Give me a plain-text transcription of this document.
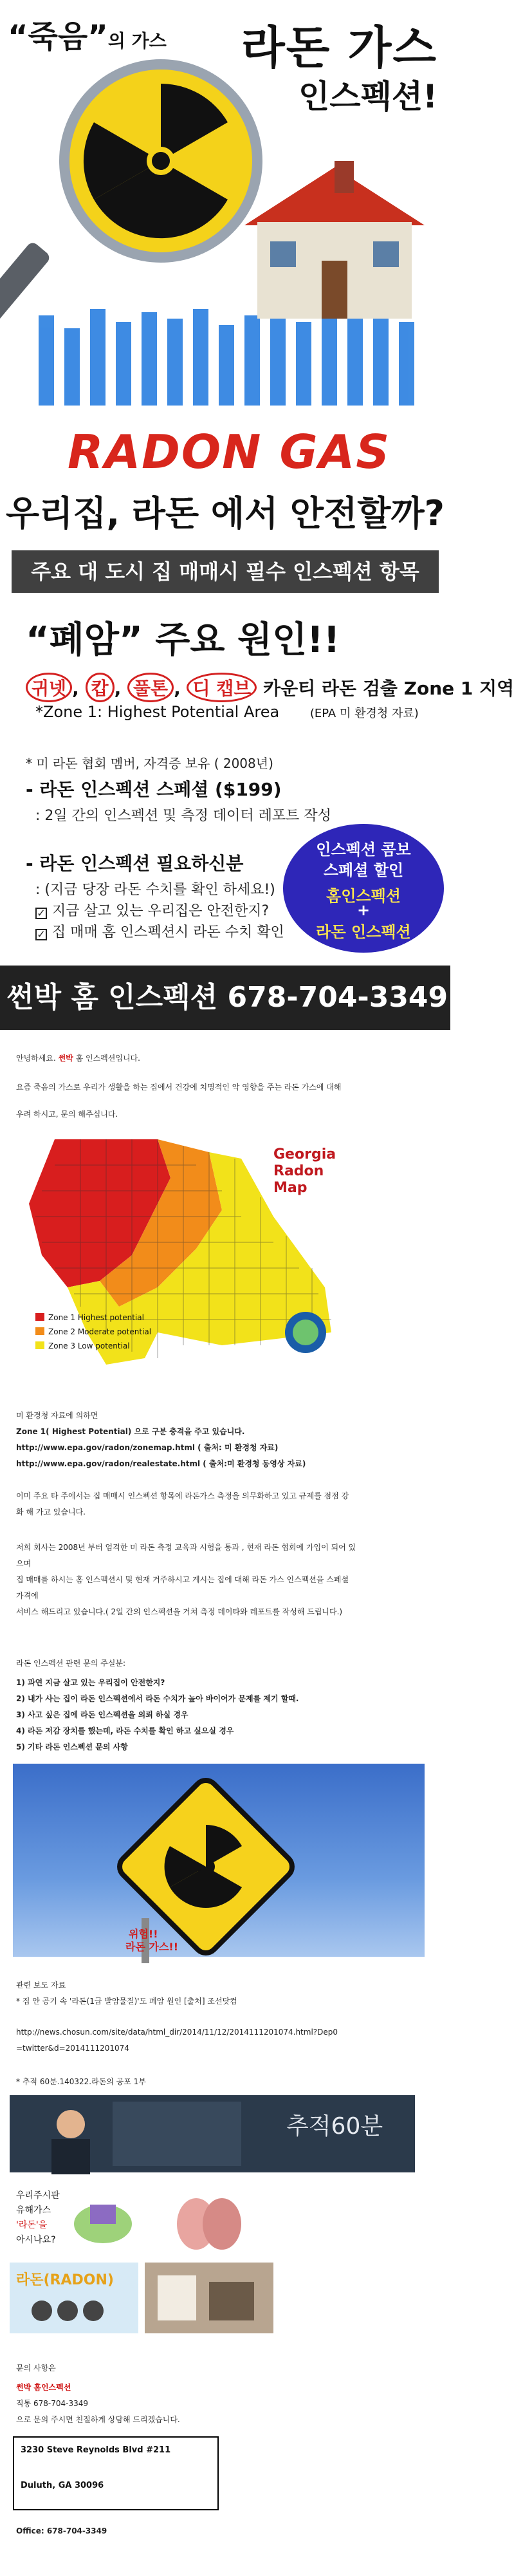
“죽음”의 가스 라돈 가스
인스펙션!
RADON GAS
우리집, 라돈 에서 안전할까?
주요 대 도시 집 매매시 필수 인스펙션 항목
“폐암” 주요 원인!!
귀넷 , 캅 , 풀톤 , 디 캡브 카운티 라돈 검출 Zone 1 지역
*Zone 1: Highest Potential Area	(EPA 미 환경청 자료)
* 미 라돈 협회 멤버, 자격증 보유 ( 2008년)
- 라돈 인스펙션 스페셜 ($199)
: 2일 간의 인스펙션 및 측정 데이터 레포트 작성
- 라돈 인스펙션 필요하신분
: (지금 당장 라돈 수치를 확인 하세요!)
✓ 지금 살고 있는 우리집은 안전한지?
✓ 집 매매 홈 인스펙션시 라돈 수치 확인
인스펙션 콤보
스페셜 할인
홈인스펙션
+
라돈 인스펙션
썬박 홈 인스펙션 678-704-3349
안녕하세요. 썬박 홈 인스펙션입니다.
요즘 죽음의 가스로 우리가 생활을 하는 집에서 건강에 치명적인 악 영향을 주는 라돈 가스에 대해
우려 하시고, 문의 해주십니다.
Georgia
Radon
Map
Zone 1 Highest potential
Zone 2 Moderate potential
Zone 3 Low potential
미 환경청 자료에 의하면
Zone 1( Highest Potential) 으로 구분 충격을 주고 있습니다.
http://www.epa.gov/radon/zonemap.html ( 출처: 미 환경청 자료)
http://www.epa.gov/radon/realestate.html ( 출처:미 환경청 동영상 자료)
이미 주요 타 주에서는 집 매매시 인스펙션 항목에 라돈가스 측정을 의무화하고 있고 규제를 점점 강
화 해 가고 있습니다.
저희 회사는 2008년 부터 엄격한 미 라돈 측정 교육과 시험을 통과 , 현재 라돈 협회에 가입이 되어 있
으며
집 매매를 하시는 홈 인스펙션시 및 현재 거주하시고 계시는 집에 대해 라돈 가스 인스펙션을 스페셜
가격에
서비스 해드리고 있습니다.( 2일 간의 인스펙션을 거쳐 측정 데이타와 레포트를 작성해 드립니다.)
라돈 인스펙션 관련 문의 주실분:
1) 과연 지금 살고 있는 우리집이 안전한지?
2) 내가 사는 집이 라돈 인스펙션에서 라돈 수치가 높아 바이어가 문제를 제기 할때.
3) 사고 싶은 집에 라돈 인스펙션을 의뢰 하실 경우
4) 라돈 저감 장치를 했는데, 라돈 수치를 확인 하고 싶으실 경우
5) 기타 라돈 인스펙션 문의 사항
위험!!
라돈 가스!!
관련 보도 자료
* 집 안 공기 속 '라돈(1급 발암물질)'도 폐암 원인 [출처] 조선닷컴
http://news.chosun.com/site/data/html_dir/2014/11/12/2014111201074.html?Dep0
=twitter&d=2014111201074
* 추적 60분.140322.라돈의 공포 1부
추적60분
우리주시판
유해가스
'라돈'을
아시나요?
라돈(RADON)
문의 사항은
썬박 홈인스펙션
직통 678-704-3349
으로 문의 주시면 친절하게 상담해 드리겠습니다.
3230 Steve Reynolds Blvd #211
Duluth, GA 30096
Office: 678-704-3349
